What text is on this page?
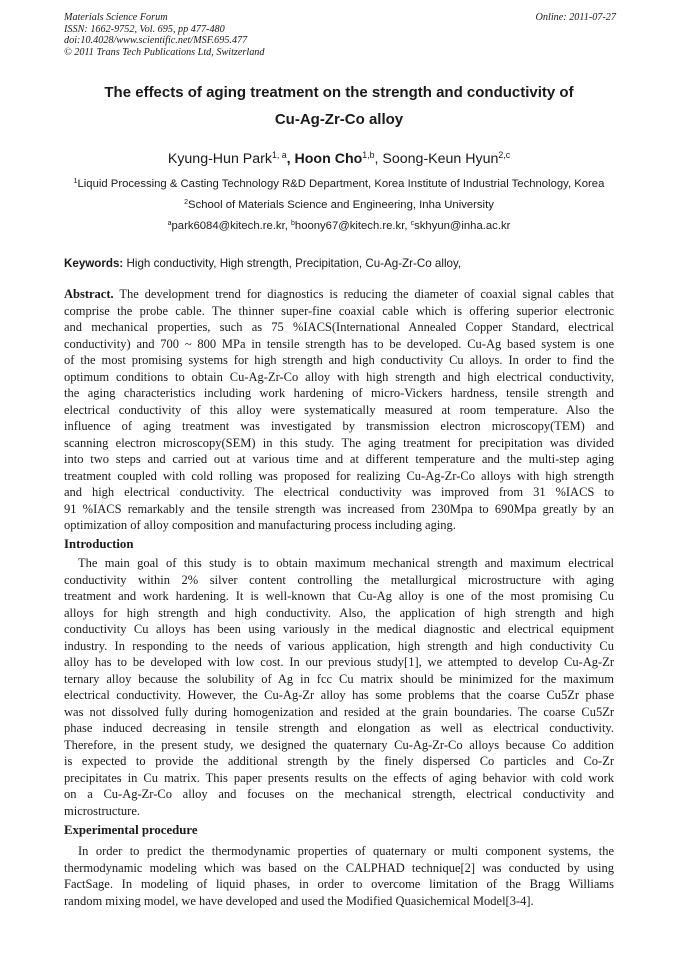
Materials Science Forum
ISSN: 1662-9752, Vol. 695, pp 477-480
doi:10.4028/www.scientific.net/MSF.695.477
© 2011 Trans Tech Publications Ltd, Switzerland
Online: 2011-07-27
The effects of aging treatment on the strength and conductivity of
Cu-Ag-Zr-Co alloy
Kyung-Hun Park$^{1, a}$, Hoon Cho$^{1,b}$, Soong-Keun Hyun$^{2,c}$
$^1$Liquid Processing & Casting Technology R&D Department, Korea Institute of Industrial Technology, Korea
$^2$School of Materials Science and Engineering, Inha University
$^a$park6084@kitech.re.kr, $^b$hoony67@kitech.re.kr, $^c$skhyun@inha.ac.kr
Keywords: High conductivity, High strength, Precipitation, Cu-Ag-Zr-Co alloy,
Abstract. The development trend for diagnostics is reducing the diameter of coaxial signal cables that
comprise the probe cable. The thinner super-fine coaxial cable which is offering superior electronic
and mechanical properties, such as 75 %IACS(International Annealed Copper Standard, electrical
conductivity) and 700 ~ 800 MPa in tensile strength has to be developed. Cu-Ag based system is one
of the most promising systems for high strength and high conductivity Cu alloys. In order to find the
optimum conditions to obtain Cu-Ag-Zr-Co alloy with high strength and high electrical conductivity,
the aging characteristics including work hardening of micro-Vickers hardness, tensile strength and
electrical conductivity of this alloy were systematically measured at room temperature. Also the
influence of aging treatment was investigated by transmission electron microscopy(TEM) and
scanning electron microscopy(SEM) in this study. The aging treatment for precipitation was divided
into two steps and carried out at various time and at different temperature and the multi-step aging
treatment coupled with cold rolling was proposed for realizing Cu-Ag-Zr-Co alloys with high strength
and high electrical conductivity. The electrical conductivity was improved from 31 %IACS to
91 %IACS remarkably and the tensile strength was increased from 230Mpa to 690Mpa greatly by an
optimization of alloy composition and manufacturing process including aging.
Introduction
The main goal of this study is to obtain maximum mechanical strength and maximum electrical
conductivity within 2% silver content controlling the metallurgical microstructure with aging
treatment and work hardening. It is well-known that Cu-Ag alloy is one of the most promising Cu
alloys for high strength and high conductivity. Also, the application of high strength and high
conductivity Cu alloys has been using variously in the medical diagnostic and electrical equipment
industry. In responding to the needs of various application, high strength and high conductivity Cu
alloy has to be developed with low cost. In our previous study[1], we attempted to develop Cu-Ag-Zr
ternary alloy because the solubility of Ag in fcc Cu matrix should be minimized for the maximum
electrical conductivity. However, the Cu-Ag-Zr alloy has some problems that the coarse Cu5Zr phase
was not dissolved fully during homogenization and resided at the grain boundaries. The coarse Cu5Zr
phase induced decreasing in tensile strength and elongation as well as electrical conductivity.
Therefore, in the present study, we designed the quaternary Cu-Ag-Zr-Co alloys because Co addition
is expected to provide the additional strength by the finely dispersed Co particles and Co-Zr
precipitates in Cu matrix. This paper presents results on the effects of aging behavior with cold work
on a Cu-Ag-Zr-Co alloy and focuses on the mechanical strength, electrical conductivity and
microstructure.
Experimental procedure
In order to predict the thermodynamic properties of quaternary or multi component systems, the
thermodynamic modeling which was based on the CALPHAD technique[2] was conducted by using
FactSage. In modeling of liquid phases, in order to overcome limitation of the Bragg Williams
random mixing model, we have developed and used the Modified Quasichemical Model[3-4].
